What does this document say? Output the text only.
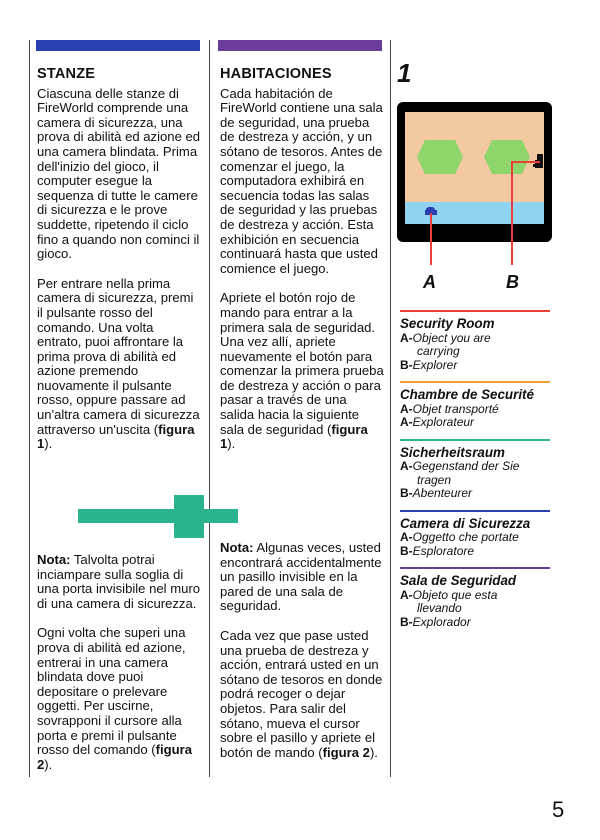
STANZE
Ciascuna delle stanze di FireWorld comprende una camera di sicurezza, una prova di abilità ed azione ed una camera blindata. Prima dell'inizio del gioco, il computer esegue la sequenza di tutte le camere di sicurezza e le prove suddette, ripetendo il ciclo fino a quando non cominci il gioco.
Per entrare nella prima camera di sicurezza, premi il pulsante rosso del comando. Una volta entrato, puoi affrontare la prima prova di abilità ed azione premendo nuovamente il pulsante rosso, oppure passare ad un'altra camera di sicurezza attraverso un'uscita (figura 1).
Nota: Talvolta potrai inciampare sulla soglia di una porta invisibile nel muro di una camera di sicurezza.
Ogni volta che superi una prova di abilità ed azione, entrerai in una camera blindata dove puoi depositare o prelevare oggetti. Per uscirne, sovrapponi il cursore alla porta e premi il pulsante rosso del comando (figura 2).
HABITACIONES
Cada habitación de FireWorld contiene una sala de seguridad, una prueba de destreza y acción, y un sótano de tesoros. Antes de comenzar el juego, la computadora exhibirá en secuencia todas las salas de seguridad y las pruebas de destreza y acción. Esta exhibición en secuencia continuará hasta que usted comience el juego.
Apriete el botón rojo de mando para entrar a la primera sala de seguridad. Una vez allí, apriete nuevamente el botón para comenzar la primera prueba de destreza y acción o para pasar a través de una salida hacia la siguiente sala de seguridad (figura 1).
Nota: Algunas veces, usted encontrará accidentalmente un pasillo invisible en la pared de una sala de seguridad.
Cada vez que pase usted una prueba de destreza y acción, entrará usted en un sótano de tesoros en donde podrá recoger o dejar objetos. Para salir del sótano, mueva el cursor sobre el pasillo y apriete el botón de mando (figura 2).
1
A	B
Security Room
A-Object you are
carrying
B-Explorer
Chambre de Securité
A-Objet transporté
A-Explorateur
Sicherheitsraum
A-Gegenstand der Sie
tragen
B-Abenteurer
Camera di Sicurezza
A-Oggetto che portate
B-Esploratore
Sala de Seguridad
A-Objeto que esta
llevando
B-Explorador
5
